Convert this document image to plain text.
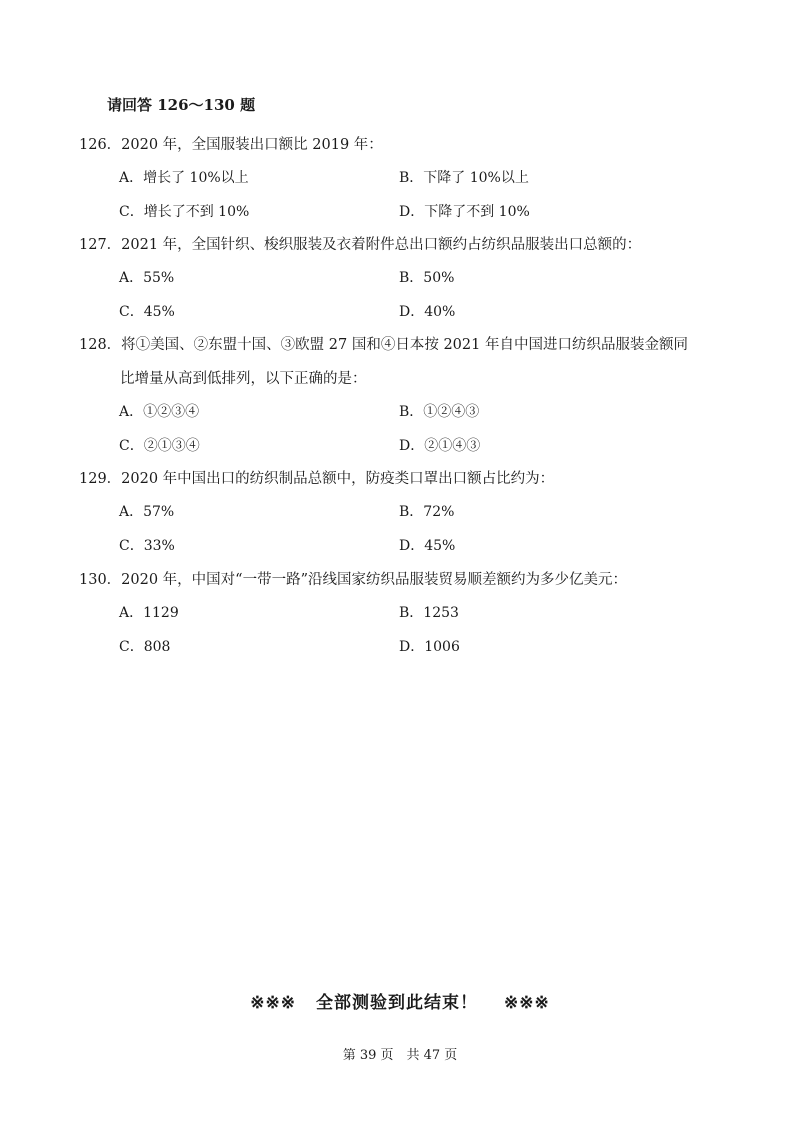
请回答 126～130 题
126．2020 年，全国服装出口额比 2019 年：
A．增长了 10%以上	B．下降了 10%以上
C．增长了不到 10%	D．下降了不到 10%
127．2021 年，全国针织、梭织服装及衣着附件总出口额约占纺织品服装出口总额的：
A．55%	B．50%
C．45%	D．40%
128．将①美国、②东盟十国、③欧盟 27 国和④日本按 2021 年自中国进口纺织品服装金额同
比增量从高到低排列，以下正确的是：
A．①②③④	B．①②④③
C．②①③④	D．②①④③
129．2020 年中国出口的纺织制品总额中，防疫类口罩出口额占比约为：
A．57%	B．72%
C．33%	D．45%
130．2020 年，中国对“一带一路”沿线国家纺织品服装贸易顺差额约为多少亿美元：
A．1129	B．1253
C．808	D．1006
※※※ 全部测验到此结束！ ※※※
第 39 页　共 47 页
